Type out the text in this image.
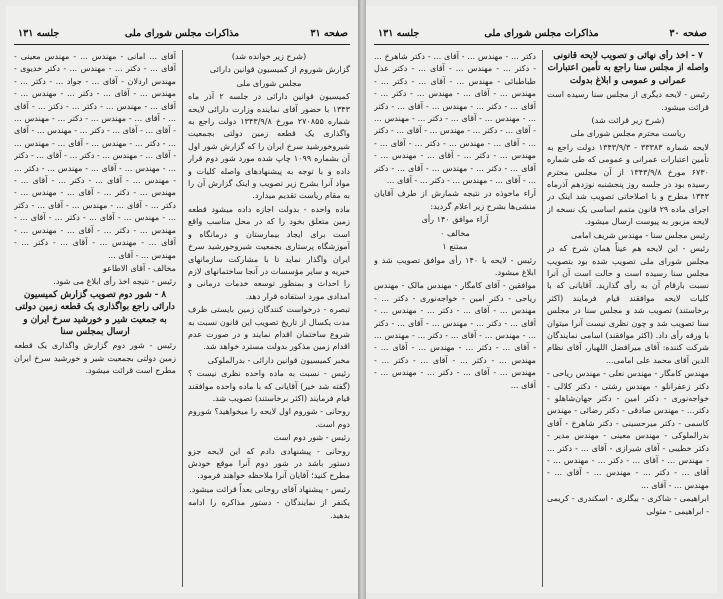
صفحه ۳۱
مذاکرات مجلس شورای ملی
جلسه ۱۳۱

(شرح زیر خوانده شد)

گزارش شوروم از کمیسیون قوانین دارائی

مجلس شورای ملی

کمیسیون قوانین دارائی در جلسه ۲ آذر ماه ۱۳۴۳ با حضور آقای نماینده وزارت دارائی لایحه شماره ۲۷۰۸۵۵ مورخ ۱۳۴۳/۹/۸ دولت راجع به واگذاری یک قطعه زمین دولتی بجمعیت شیروخورشید سرخ ایران را که گزارش شور اول آن بشماره ۱۰۹۹ چاپ شده مورد شور دوم قرار داده و با توجه به پیشنهادهای واصله کلیات و مواد آنرا بشرح زیر تصویب و اینک گزارش آن را به مقام ریاست تقدیم میدارد.

ماده واحده - بدولت اجازه داده میشود قطعه زمین متعلق بخود را که در محل مناسب واقع است برای ایجاد بیمارستان و درمانگاه و آموزشگاه پرستاری بجمعیت شیروخورشید سرخ ایران واگذار نماید تا با مشارکت سازمانهای خیریه و سایر مؤسسات در آنجا ساختمانهای لازم را احداث و بمنظور توسعه خدمات درمانی و امدادی مورد استفاده قرار دهد.

تبصره - درخواست کنندگان زمین بایستی ظرف مدت یکسال از تاریخ تصویب این قانون نسبت به شروع ساختمان اقدام نمایند و در صورت عدم اقدام زمین مذکور بدولت مسترد خواهد شد.

مخبر کمیسیون قوانین دارائی - بدرالملوکی

رئیس - نسبت به ماده واحده نظری نیست ؟ (گفته شد خیر) آقایانی که با ماده واحده موافقند قیام فرمایند (اکثر برخاستند) تصویب شد.

روحانی - شوروم اول لایحه را میخواهید؟ شوروم دوم است.

رئیس - شور دوم است

روحانی - پیشنهادی دادم که این لایحه جزو دستور باشد در شور دوم آنرا موقع خودش مطرح کنید؛ آقایان آنرا ملاحظه خواهند فرمود.

رئیس - پیشنهاد آقای روحانی بعداً قرائت میشود.

یکنفر از نمایندگان - دستور مذاکره را ادامه بدهید.

آقای ... امانی - مهندس ... - مهندس معینی - آقای ... - دکتر ... - مهندس ... - دکتر خدیوی - مهندس اردلان - آقای ... - جواد ... - دکتر ... - مهندس ... - آقای ... - دکتر ... - مهندس ... - آقای ... - مهندس ... - دکتر ... - دکتر ... - آقای ... - آقای ... - مهندس ... - دکتر ... - مهندس ... - آقای ... - آقای ... - دکتر ... - مهندس ... - آقای ... - دکتر ... - مهندس ... - آقای ... - مهندس ... - آقای ... - مهندس ... - دکتر ... - آقای ... - دکتر ... - مهندس ... - آقای ... - مهندس ... - دکتر ... - مهندس ... - آقای ... - دکتر ... - آقای ... - مهندس ... - دکتر ... - آقای ... - مهندس ... - دکتر ... - آقای ... - مهندس ... - آقای ... - دکتر ... - مهندس ... - آقای ... - دکتر ... - آقای ... - مهندس ... - دکتر ... - آقای ... - مهندس ... - آقای ... - مهندس ... - آقای ... - دکتر ... - مهندس ... - آقای ...

مخالف - آقای الاطاعو

رئیس - نتیجه اخذ رأی ابلاغ می شود.

۸ - شور دوم تصویب گزارش کمیسیون دارائی راجع بواگذاری یک قطعه زمین دولتی به جمعیت شیر و خورشید سرخ ایران و ارسال بمجلس سنا

رئیس - شور دوم گزارش واگذاری یک قطعه زمین دولتی بجمعیت شیر و خورشید سرخ ایران مطرح است قرائت میشود.

صفحه ۳۰
مذاکرات مجلس شورای ملی
جلسه ۱۳۱

۷ - اخذ رأی نهائی و تصویب لایحه قانونی واصله از مجلس سنا راجع به تأمین اعتبارات عمرانی و عمومی و ابلاغ بدولت

رئیس - لایحه دیگری از مجلس سنا رسیده است قرائت میشود.

(شرح زیر قرائت شد)

ریاست محترم مجلس شورای ملی

لایحه شماره ۳۳۳۸۳ - ۱۳۴۳/۹/۳ دولت راجع به تأمین اعتبارات عمرانی و عمومی که طی شماره ۶۷۳۰ مورخ ۱۳۴۳/۹/۸ از آن مجلس محترم رسیده بود در جلسه روز پنجشنبه نوزدهم آذرماه ۱۳۴۳ مطرح و با اصلاحاتی تصویب شد اینک در اجرای ماده ۲۹ قانون متمم اساسی یک نسخه از لایحه مزبور به پیوست ارسال میشود.

رئیس مجلس سنا - مهندس شریف امامی

رئیس - این لایحه هم عیناً همان شرح که در مجلس شورای ملی تصویب شده بود بتصویب مجلس سنا رسیده است و حالت است آن آنرا نسبت بارقام آن به رأی گذارید. آقایانی که با کلیات لایحه موافقند قیام فرمایند (اکثر برخاستند) تصویب شد و مجلس سنا در مجلس سنا تصویب شد و چون نظری نیست آنرا میتوان با ورقه رأی داد. (اکثر موافقند) اسامی نمایندگان شرکت کننده: آقای میرافضل اللهیار، آقای نظام الدین آقای محمد علی امامی...

مهندس کامگار - مهندس نعلی - مهندس ریاحی - دکتر زعفرانلو - مهندس رشتی - دکتر کلالی - خواجه‌نوری - دکتر امین - دکتر جهان‌شاهلو - دکتر... - مهندس صادقی - دکتر رضائی - مهندس کاسمی - دکتر میرحسینی - دکتر شاهرخ - آقای بدرالملوکی - مهندس معینی - مهندس مدیر - دکتر خطیبی - آقای شیرازی - آقای ... - دکتر ... - مهندس ... - آقای ... - دکتر ... - مهندس ... - آقای ... - دکتر ... - مهندس ... - آقای ... - مهندس ... - آقای ...

ابراهیمی - شاکری - بیگلری - اسکندری - کریمی - ابراهیمی - متولی

دکتر ... - مهندس ... - آقای ... - دکتر شاهرخ ... - دکتر ... - مهندس ... - آقای ... - دکتر عدل طباطبائی - مهندس ... - آقای ... - دکتر ... - مهندس ... - آقای ... - مهندس ... - دکتر ... - آقای ... - دکتر ... - مهندس ... - آقای ... - دکتر ... - مهندس ... - آقای ... - دکتر ... - مهندس ... - آقای ... - دکتر ... - مهندس ... - آقای ... - دکتر ... - آقای ... - مهندس ... - دکتر ... - آقای ... - مهندس ... - دکتر ... - آقای ... - مهندس ... - آقای ... - دکتر ... - مهندس ... - آقای ... - دکتر ... - آقای ... - مهندس ... - دکتر ... - آقای ...

آراء ماخوذه در نتیجه شمارش از طرف آقایان منشی‌ها بشرح زیر اعلام گردید:

آراء موافق ۱۴۰ رأی

مخالف ۰

ممتنع ۱

رئیس - لایحه با ۱۴۰ رأی موافق تصویب شد و ابلاغ میشود.

موافقین - آقای کامگار - مهندس مالک - مهندس ریاحی - دکتر امین - خواجه‌نوری - دکتر ... - مهندس ... - آقای ... - دکتر ... - مهندس ... - آقای ... - دکتر ... - مهندس ... - آقای ... - دکتر ... - مهندس ... - آقای ... - دکتر ... - مهندس ... - آقای ... - دکتر ... - مهندس ... - آقای ... - مهندس ... - دکتر ... - آقای ... - دکتر ... - مهندس ... - آقای ... - دکتر ... - مهندس ... - آقای ...
